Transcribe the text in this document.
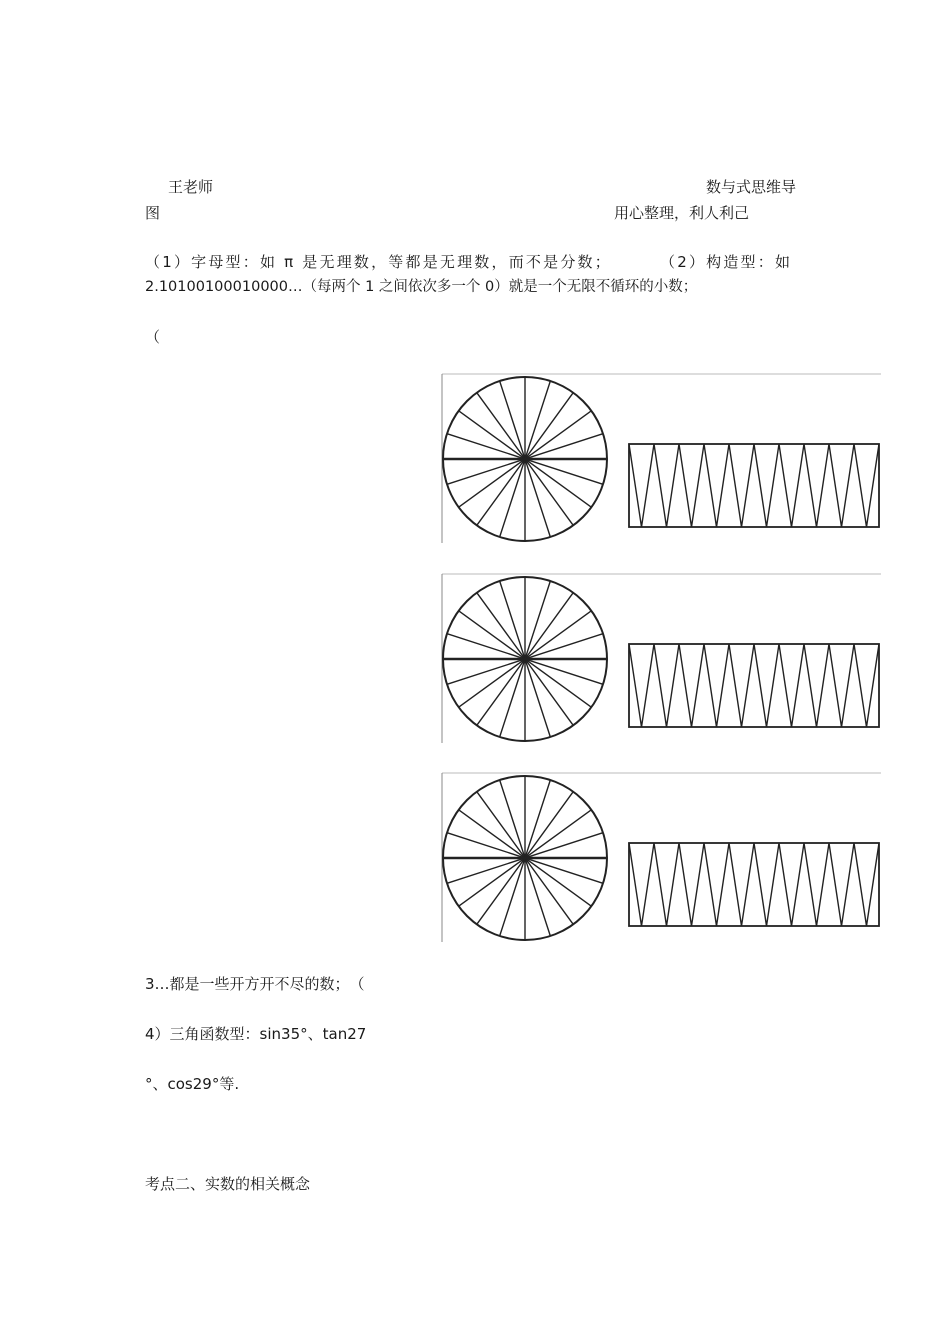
王老师	数与式思维导
图	用心整理，利人利己
（1）字母型：如 π 是无理数，等都是无理数，而不是分数；	（2）构造型：如
2.1010010001000​0…（每两个 1 之间依次多一个 0）就是一个无限不循环的小数；
（
3…都是一些开方开不尽的数；　（
4）三角函数型：sin35°、tan27
°、cos29°等.
考点二、实数的相关概念
